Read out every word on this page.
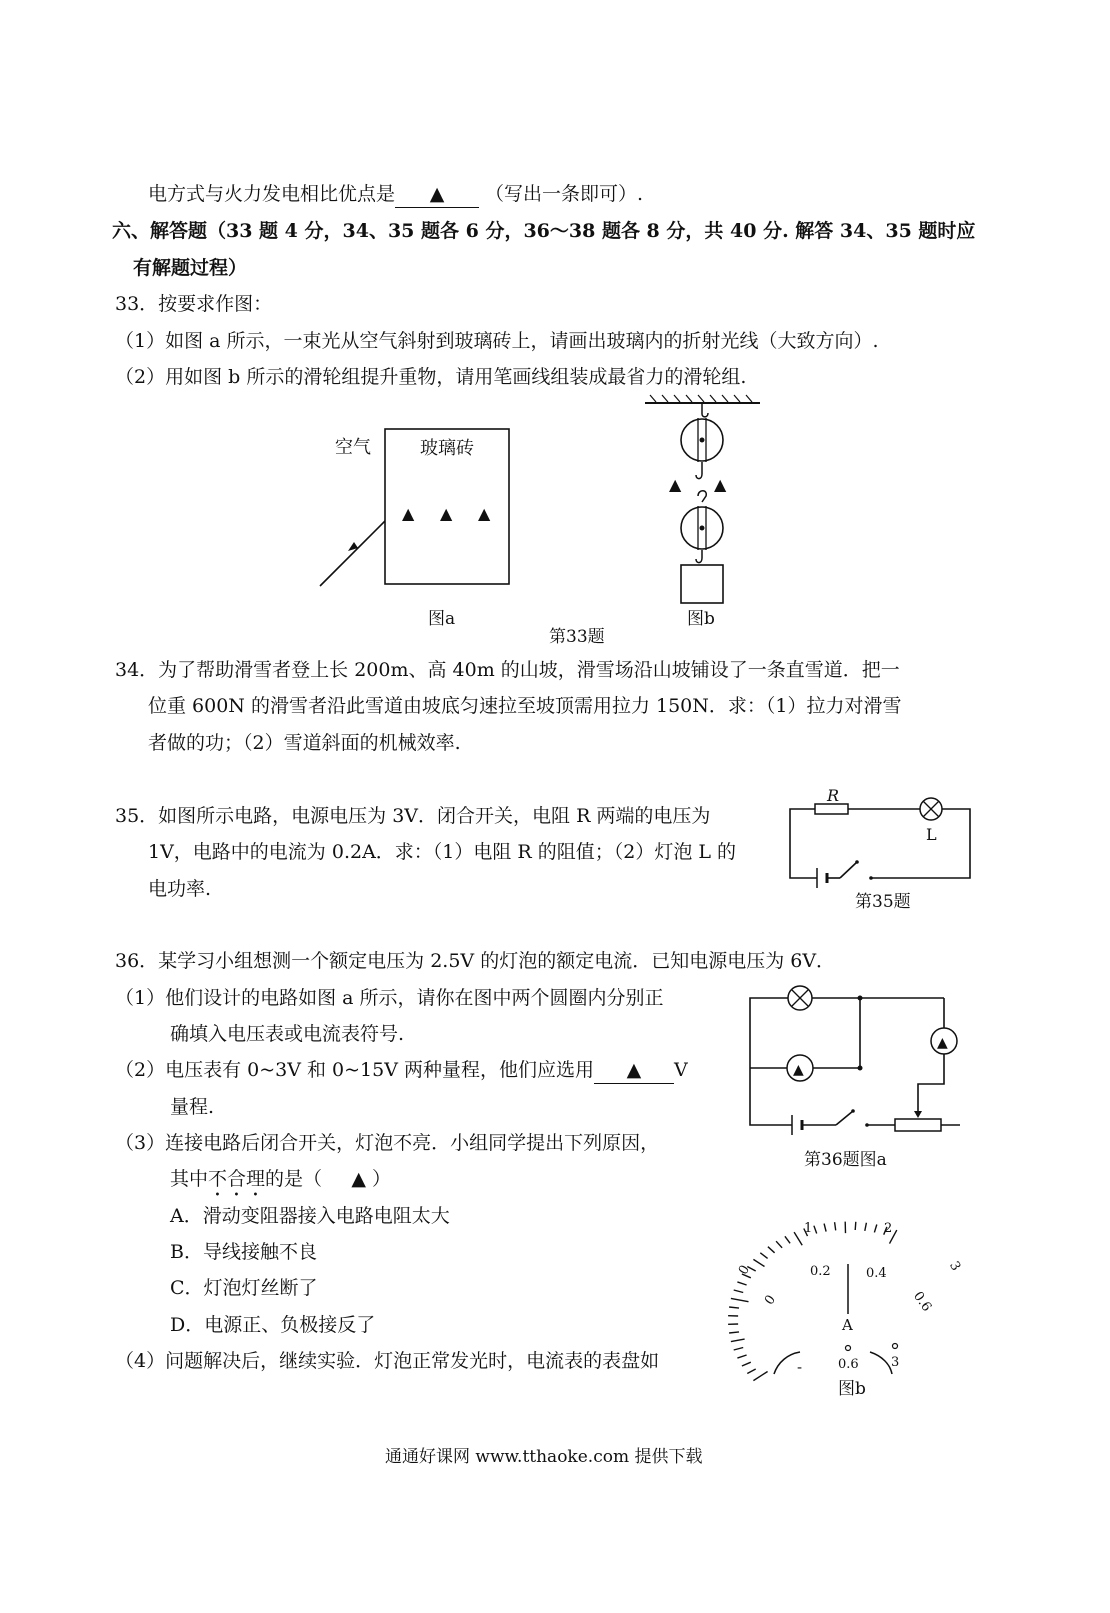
电方式与火力发电相比优点是 ▲ （写出一条即可）.
六、解答题（33 题 4 分，34、35 题各 6 分，36～38 题各 8 分，共 40 分. 解答 34、35 题时应
有解题过程）
33．按要求作图：
（1）如图 a 所示，一束光从空气斜射到玻璃砖上，请画出玻璃内的折射光线（大致方向）.
（2）用如图 b 所示的滑轮组提升重物，请用笔画线组装成最省力的滑轮组.
空气	玻璃砖
▲ ▲ ▲
图a
▲ ▲
图b
第33题
34．为了帮助滑雪者登上长 200m、高 40m 的山坡，滑雪场沿山坡铺设了一条直雪道．把一
位重 600N 的滑雪者沿此雪道由坡底匀速拉至坡顶需用拉力 150N．求：（1）拉力对滑雪
者做的功；（2）雪道斜面的机械效率.
35．如图所示电路，电源电压为 3V．闭合开关，电阻 R 两端的电压为
1V，电路中的电流为 0.2A．求：（1）电阻 R 的阻值；（2）灯泡 L 的
电功率.
R
L
第35题
36．某学习小组想测一个额定电压为 2.5V 的灯泡的额定电流．已知电源电压为 6V．
（1）他们设计的电路如图 a 所示，请你在图中两个圆圈内分别正
确填入电压表或电流表符号.
（2）电压表有 0~3V 和 0~15V 两种量程，他们应选用 ▲ V
量程.
（3）连接电路后闭合开关，灯泡不亮．小组同学提出下列原因，
其中不合理的是（ ▲ ）
A．滑动变阻器接入电路电阻太大
B．导线接触不良
C．灯泡灯丝断了
D．电源正、负极接反了
（4）问题解决后，继续实验．灯泡正常发光时，电流表的表盘如
▲
▲
第36题图a
0
1	2
3
0
0.2	0.4
0.6
A
-	0.6 3
图b
通通好课网 www.tthaoke.com 提供下载
